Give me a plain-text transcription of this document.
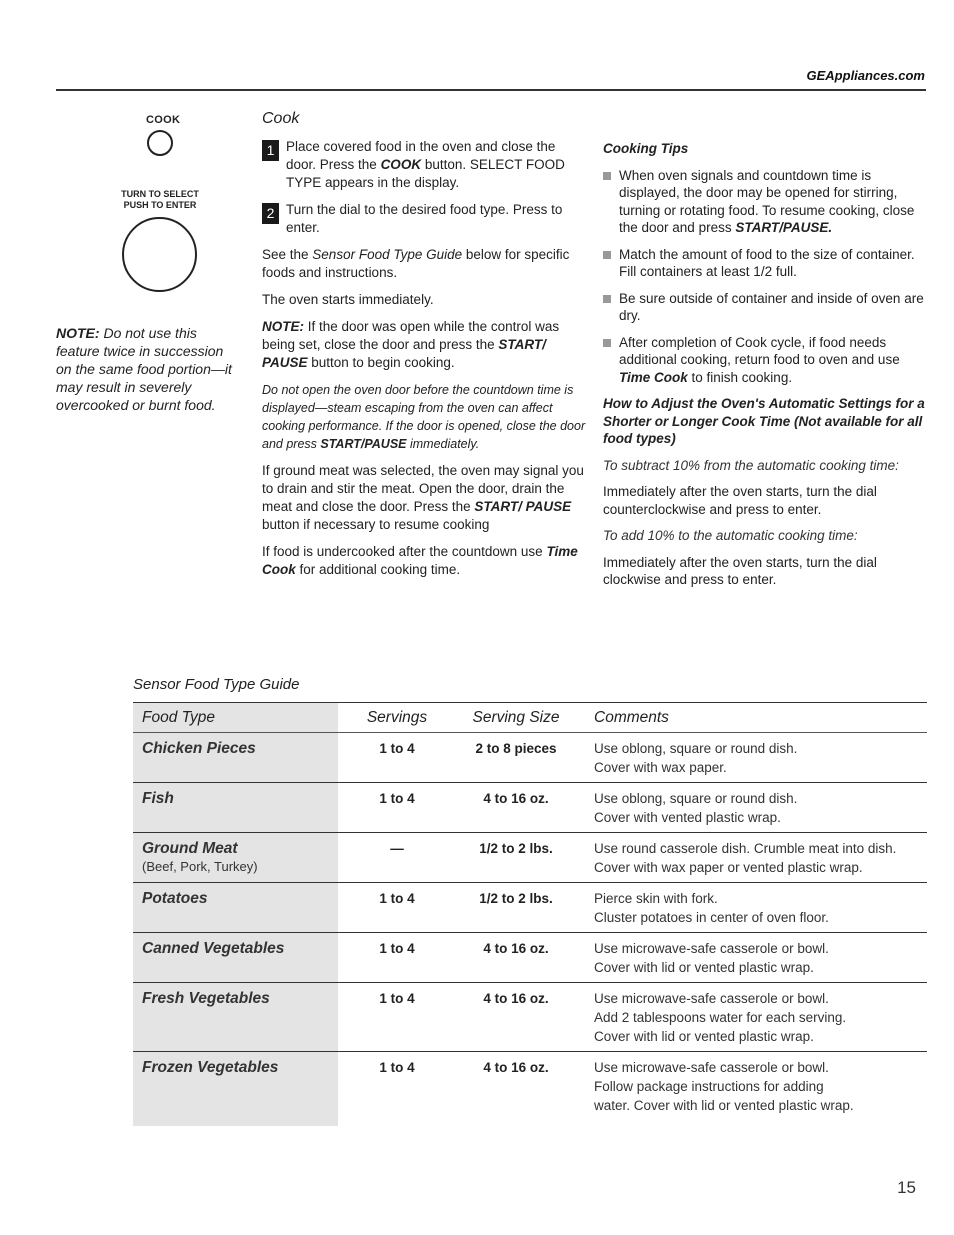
GEAppliances.com
COOK
TURN TO SELECT
PUSH TO ENTER
NOTE: Do not use this feature twice in succession on the same food portion—it may result in severely overcooked or burnt food.
Cook
1 Place covered food in the oven and close the door. Press the COOK button. SELECT FOOD TYPE appears in the display.
2 Turn the dial to the desired food type. Press to enter.

See the Sensor Food Type Guide below for specific foods and instructions.

The oven starts immediately.

NOTE: If the door was open while the control was being set, close the door and press the START/ PAUSE button to begin cooking.

Do not open the oven door before the countdown time is displayed—steam escaping from the oven can affect cooking performance. If the door is opened, close the door and press START/PAUSE immediately.

If ground meat was selected, the oven may signal you to drain and stir the meat. Open the door, drain the meat and close the door. Press the START/ PAUSE button if necessary to resume cooking

If food is undercooked after the countdown use Time Cook for additional cooking time.

Cooking Tips
When oven signals and countdown time is displayed, the door may be opened for stirring, turning or rotating food. To resume cooking, close the door and press START/PAUSE.
Match the amount of food to the size of container. Fill containers at least 1/2 full.
Be sure outside of container and inside of oven are dry.
After completion of Cook cycle, if food needs additional cooking, return food to oven and use Time Cook to finish cooking.

How to Adjust the Oven's Automatic Settings for a Shorter or Longer Cook Time (Not available for all food types)

To subtract 10% from the automatic cooking time:

Immediately after the oven starts, turn the dial counterclockwise and press to enter.

To add 10% to the automatic cooking time:

Immediately after the oven starts, turn the dial clockwise and press to enter.

Sensor Food Type Guide
Food Type	Servings	Serving Size	Comments
Chicken Pieces	1 to 4	2 to 8 pieces	Use oblong, square or round dish.
Cover with wax paper.
Fish	1 to 4	4 to 16 oz.	Use oblong, square or round dish.
Cover with vented plastic wrap.
Ground Meat
(Beef, Pork, Turkey)	—	1/2 to 2 lbs.	Use round casserole dish. Crumble meat into dish. Cover with wax paper or vented plastic wrap.
Potatoes	1 to 4	1/2 to 2 lbs.	Pierce skin with fork.
Cluster potatoes in center of oven floor.
Canned Vegetables	1 to 4	4 to 16 oz.	Use microwave-safe casserole or bowl.
Cover with lid or vented plastic wrap.
Fresh Vegetables	1 to 4	4 to 16 oz.	Use microwave-safe casserole or bowl.
Add 2 tablespoons water for each serving.
Cover with lid or vented plastic wrap.
Frozen Vegetables	1 to 4	4 to 16 oz.	Use microwave-safe casserole or bowl.
Follow package instructions for adding
water. Cover with lid or vented plastic wrap.
15
